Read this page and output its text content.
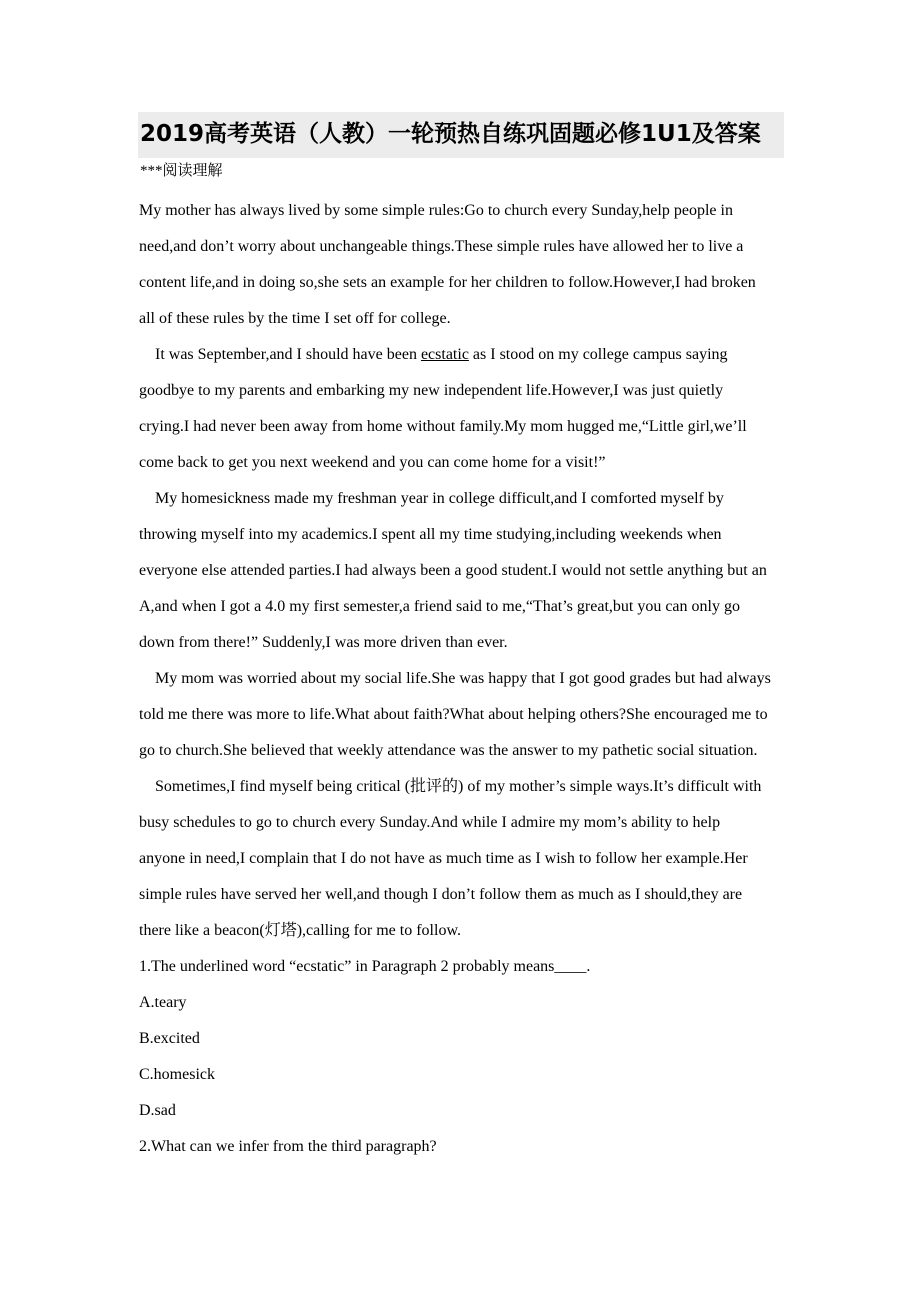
2019高考英语（人教）一轮预热自练巩固题必修1U1及答案
***阅读理解
My mother has always lived by some simple rules:Go to church every Sunday,help people in
need,and don’t worry about unchangeable things.These simple rules have allowed her to live a
content life,and in doing so,she sets an example for her children to follow.However,I had broken
all of these rules by the time I set off for college.
It was September,and I should have been ecstatic as I stood on my college campus saying
goodbye to my parents and embarking my new independent life.However,I was just quietly
crying.I had never been away from home without family.My mom hugged me,“Little girl,we’ll
come back to get you next weekend and you can come home for a visit!”
My homesickness made my freshman year in college difficult,and I comforted myself by
throwing myself into my academics.I spent all my time studying,including weekends when
everyone else attended parties.I had always been a good student.I would not settle anything but an
A,and when I got a 4.0 my first semester,a friend said to me,“That’s great,but you can only go
down from there!” Suddenly,I was more driven than ever.
My mom was worried about my social life.She was happy that I got good grades but had always
told me there was more to life.What about faith?What about helping others?She encouraged me to
go to church.She believed that weekly attendance was the answer to my pathetic social situation.
Sometimes,I find myself being critical (批评的) of my mother’s simple ways.It’s difficult with
busy schedules to go to church every Sunday.And while I admire my mom’s ability to help
anyone in need,I complain that I do not have as much time as I wish to follow her example.Her
simple rules have served her well,and though I don’t follow them as much as I should,they are
there like a beacon(灯塔),calling for me to follow.
1.The underlined word “ecstatic” in Paragraph 2 probably means____.
A.teary
B.excited
C.homesick
D.sad
2.What can we infer from the third paragraph?
